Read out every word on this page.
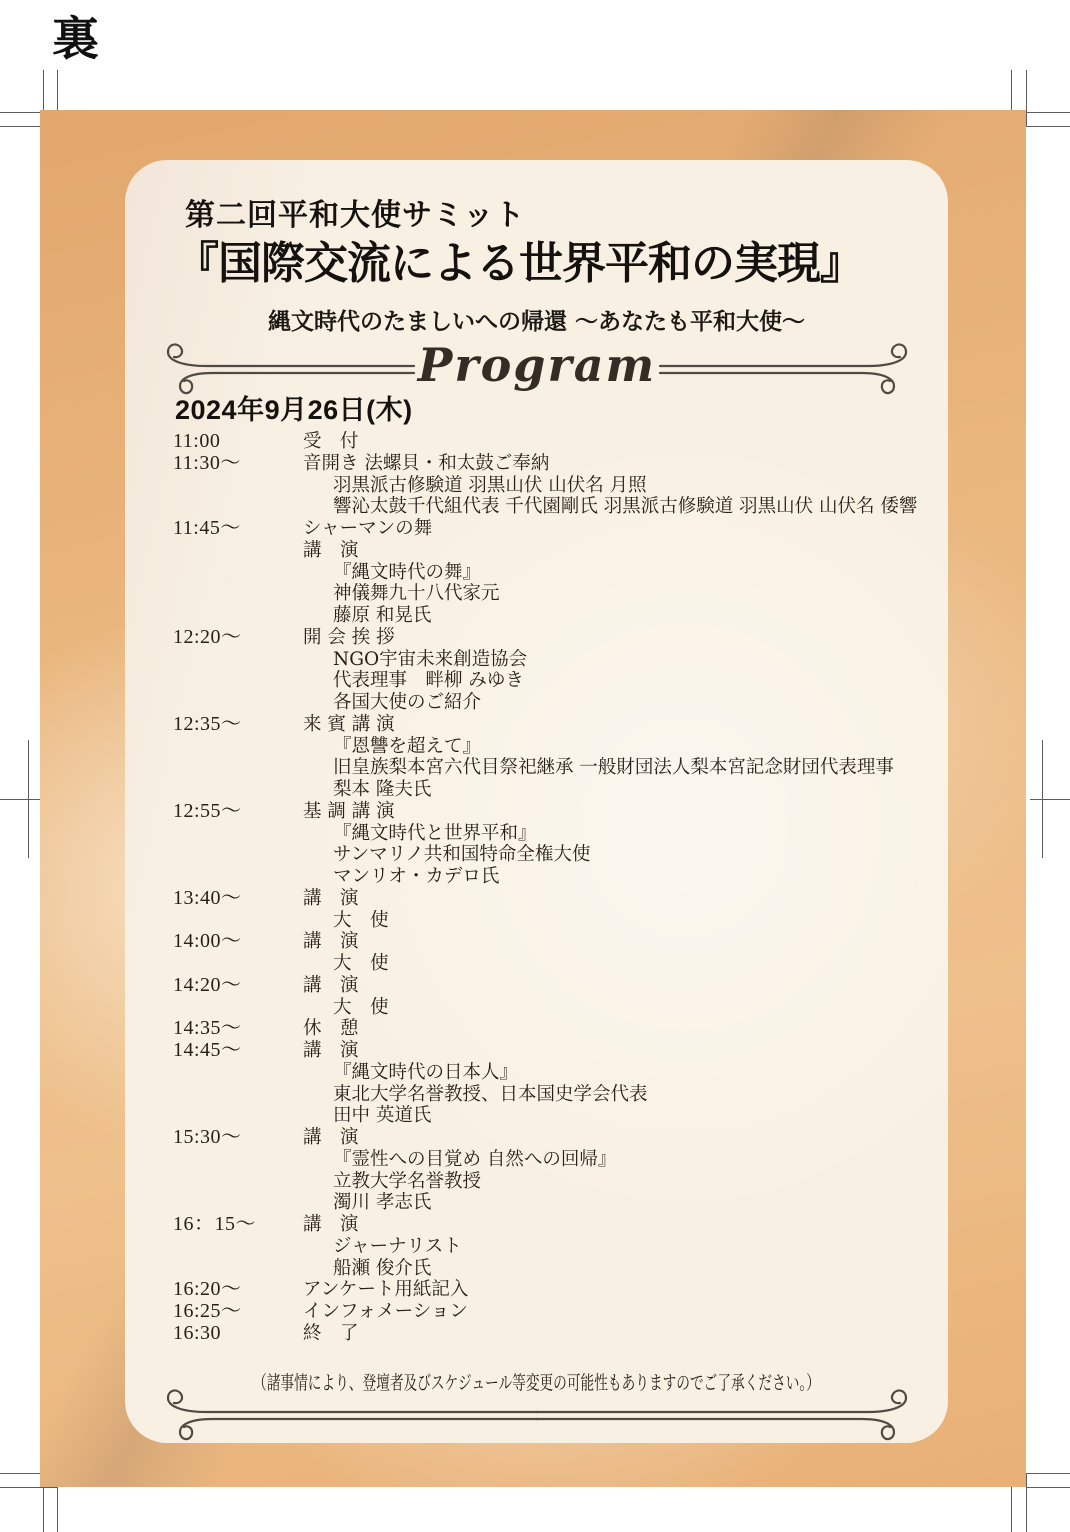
裏
第二回平和大使サミット
『国際交流による世界平和の実現』
縄文時代のたましいへの帰還 ～あなたも平和大使～
Program
2024年9月26日(木)
11:00	受　付
11:30～	音開き 法螺貝・和太鼓ご奉納
羽黒派古修験道 羽黒山伏 山伏名 月照
響沁太鼓千代組代表 千代園剛氏 羽黒派古修験道 羽黒山伏 山伏名 倭響
11:45～	シャーマンの舞
講　演
『縄文時代の舞』
神儀舞九十八代家元
藤原 和晃氏
12:20～	開 会 挨 拶
NGO宇宙未来創造協会
代表理事　畔柳 みゆき
各国大使のご紹介
12:35～	来 賓 講 演
『恩讐を超えて』
旧皇族梨本宮六代目祭祀継承 一般財団法人梨本宮記念財団代表理事
梨本 隆夫氏
12:55～	基 調 講 演
『縄文時代と世界平和』
サンマリノ共和国特命全権大使
マンリオ・カデロ氏
13:40～	講　演
大　使
14:00～	講　演
大　使
14:20～	講　演
大　使
14:35～	休　憩
14:45～	講　演
『縄文時代の日本人』
東北大学名誉教授、日本国史学会代表
田中 英道氏
15:30～	講　演
『霊性への目覚め 自然への回帰』
立教大学名誉教授
濁川 孝志氏
16：15～	講　演
ジャーナリスト
船瀬 俊介氏
16:20～	アンケート用紙記入
16:25～	インフォメーション
16:30	終　了
（諸事情により、登壇者及びスケジュール等変更の可能性もありますのでご了承ください。）
